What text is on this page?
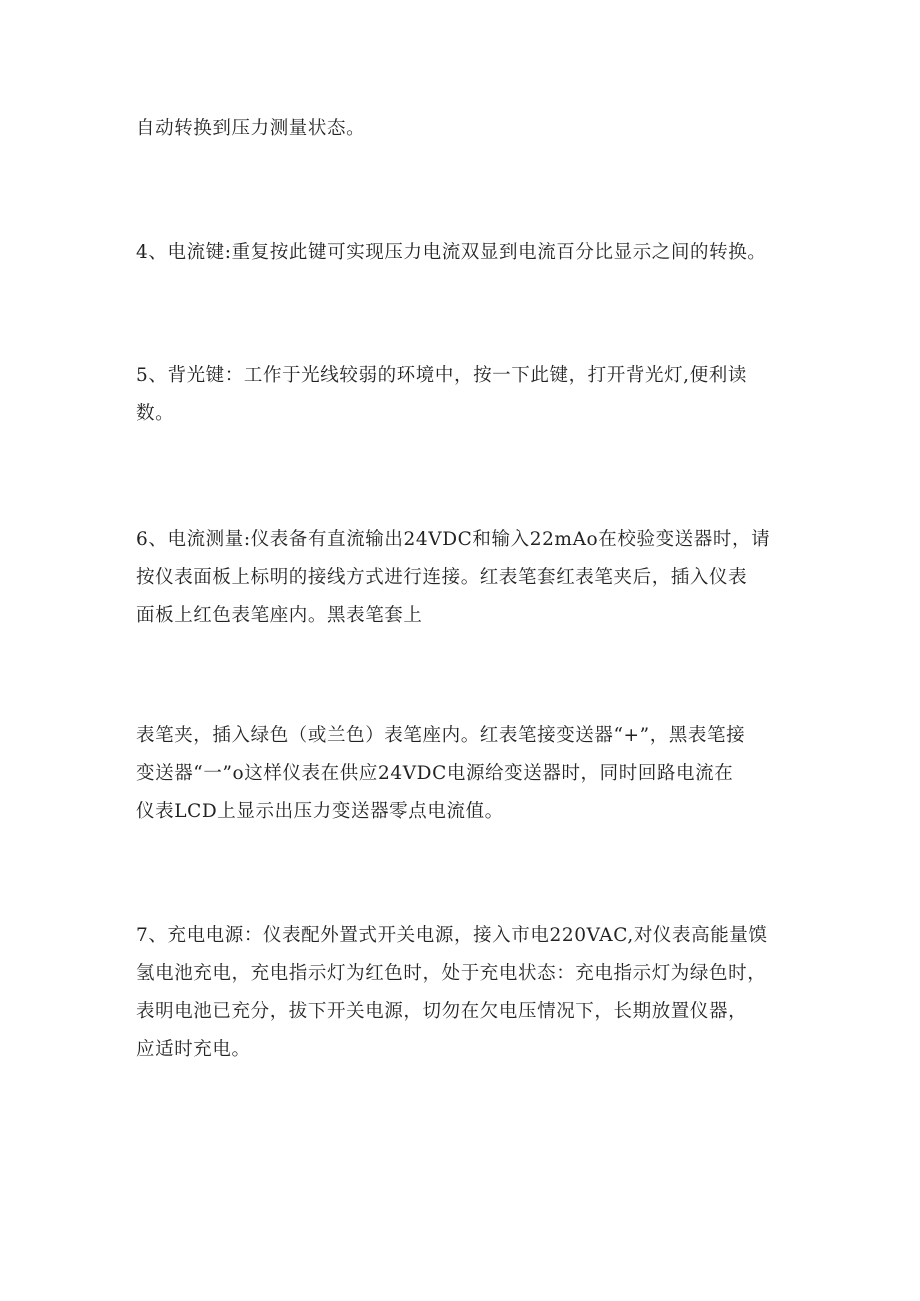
自动转换到压力测量状态。

4、电流键:重复按此键可实现压力电流双显到电流百分比显示之间的转换。

5、背光键：工作于光线较弱的环境中，按一下此键，打开背光灯,便利读
数。

6、电流测量:仪表备有直流输出24VDC和输入22mAo在校验变送器时，请
按仪表面板上标明的接线方式进行连接。红表笔套红表笔夹后，插入仪表
面板上红色表笔座内。黑表笔套上

表笔夹，插入绿色（或兰色）表笔座内。红表笔接变送器“+”，黑表笔接
变送器“一”o这样仪表在供应24VDC电源给变送器时，同时回路电流在
仪表LCD上显示出压力变送器零点电流值。

7、充电电源：仪表配外置式开关电源，接入市电220VAC,对仪表高能量馍
氢电池充电，充电指示灯为红色时，处于充电状态：充电指示灯为绿色时，
表明电池已充分，拔下开关电源，切勿在欠电压情况下，长期放置仪器，
应适时充电。
